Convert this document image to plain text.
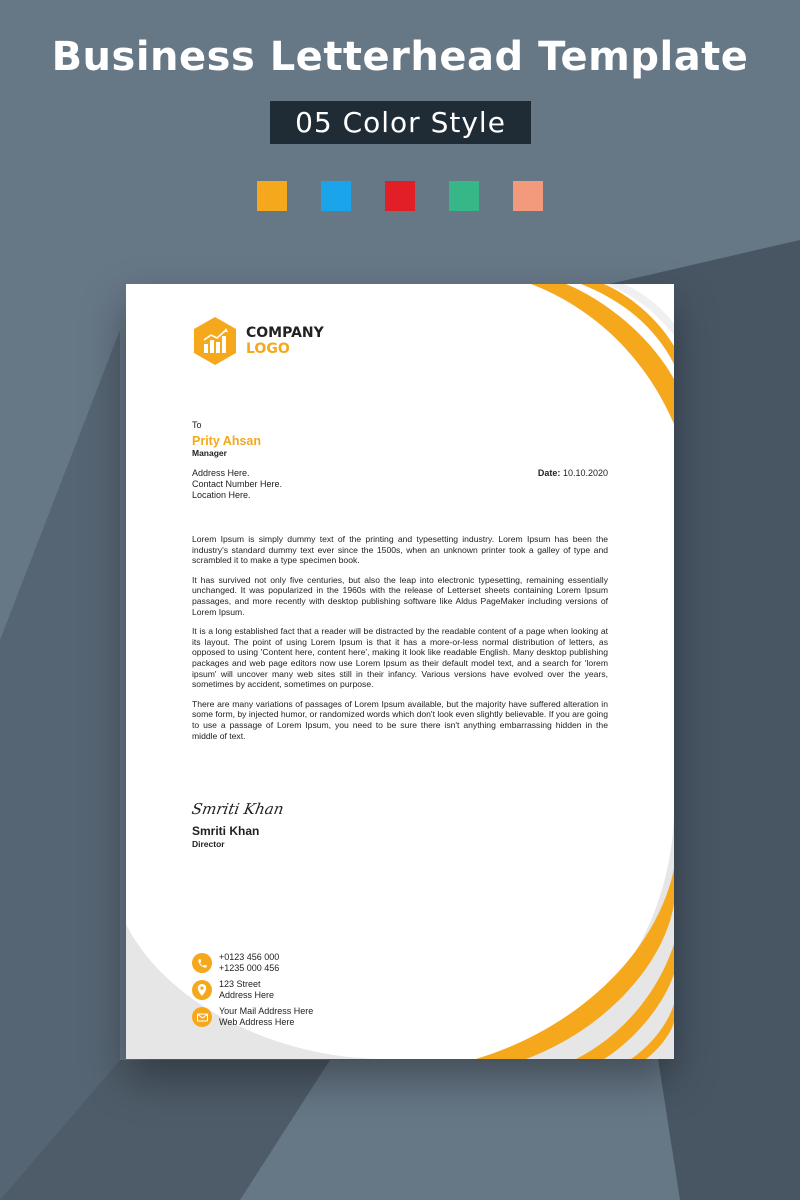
Business Letterhead Template
05 Color Style
COMPANY
LOGO
To
Prity Ahsan
Manager
Address Here.
Contact Number Here.
Location Here.
Date: 10.10.2020

Lorem Ipsum is simply dummy text of the printing and typesetting industry. Lorem Ipsum has been the industry's standard dummy text ever since the 1500s, when an unknown printer took a galley of type and scrambled it to make a type specimen book.

It has survived not only five centuries, but also the leap into electronic typesetting, remaining essentially unchanged. It was popularized in the 1960s with the release of Letterset sheets containing Lorem Ipsum passages, and more recently with desktop publishing software like Aldus PageMaker including versions of Lorem Ipsum.

It is a long established fact that a reader will be distracted by the readable content of a page when looking at its layout. The point of using Lorem Ipsum is that it has a more-or-less normal distribution of letters, as opposed to using 'Content here, content here', making it look like readable English. Many desktop publishing packages and web page editors now use Lorem Ipsum as their default model text, and a search for 'lorem ipsum' will uncover many web sites still in their infancy. Various versions have evolved over the years, sometimes by accident, sometimes on purpose.

There are many variations of passages of Lorem Ipsum available, but the majority have suffered alteration in some form, by injected humor, or randomized words which don't look even slightly believable. If you are going to use a passage of Lorem Ipsum, you need to be sure there isn't anything embarrassing hidden in the middle of text.

Smriti Khan
Smriti Khan
Director
+0123 456 000
+1235 000 456
123 Street
Address Here
Your Mail Address Here
Web Address Here
